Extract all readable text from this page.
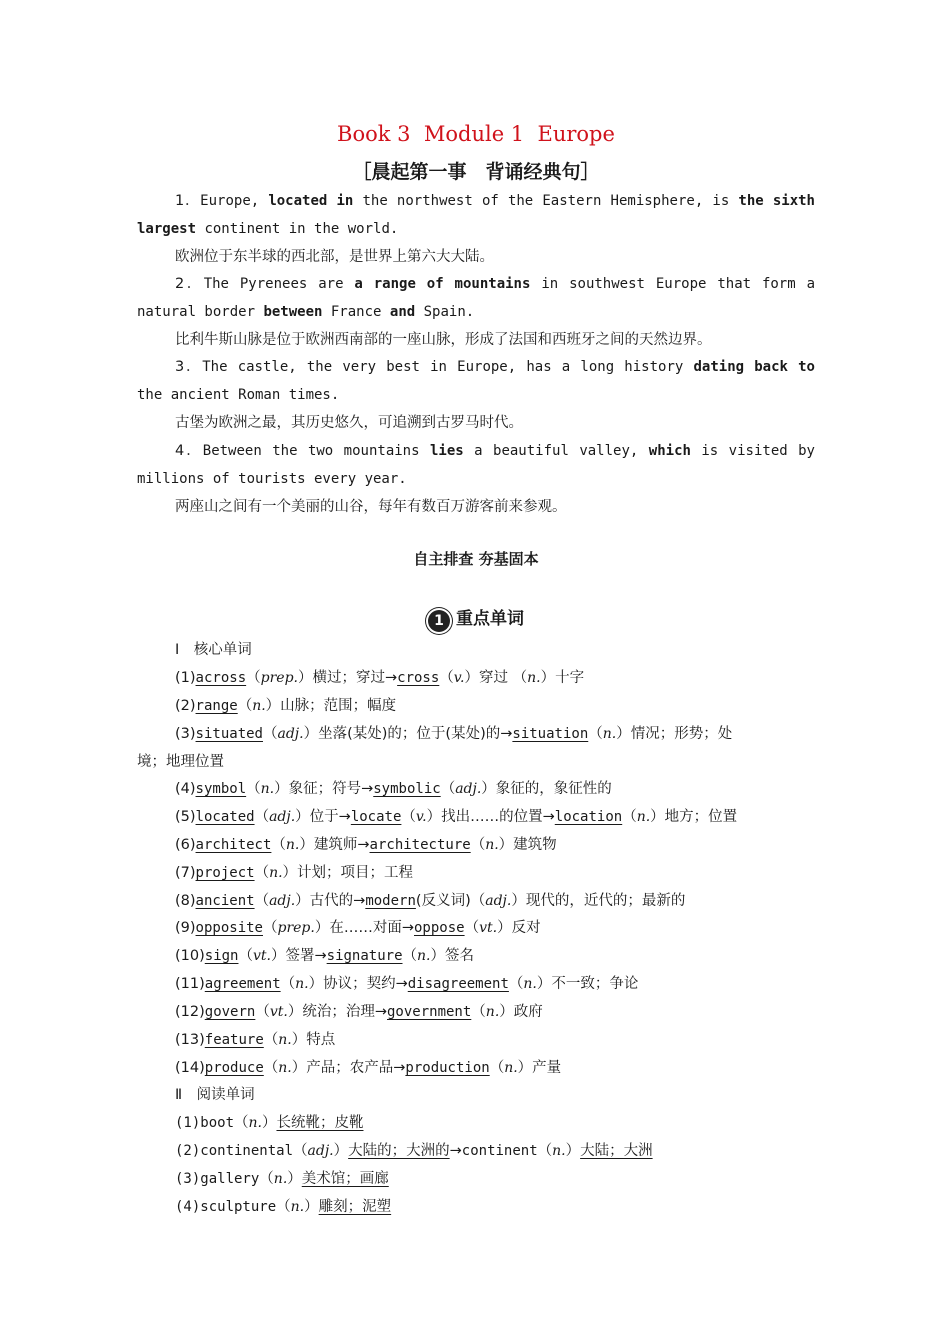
Book 3  Module 1  Europe
［晨起第一事　背诵经典句］
1．Europe, located in the northwest of the Eastern Hemisphere, is the sixth largest continent in the world.
欧洲位于东半球的西北部，是世界上第六大大陆。
2．The Pyrenees are a range of mountains in southwest Europe that form a natural border between France and Spain.
比利牛斯山脉是位于欧洲西南部的一座山脉，形成了法国和西班牙之间的天然边界。
3．The castle, the very best in Europe, has a long history dating back to the ancient Roman times.
古堡为欧洲之最，其历史悠久，可追溯到古罗马时代。
4．Between the two mountains lies a beautiful valley, which is visited by millions of tourists every year.
两座山之间有一个美丽的山谷，每年有数百万游客前来参观。
自主排查 夯基固本
1 重点单词
Ⅰ　核心单词
(1)across（prep.）横过；穿过→cross（v.）穿过 （n.）十字
(2)range（n.）山脉；范围；幅度
(3)situated（adj.）坐落(某处)的；位于(某处)的→situation（n.）情况；形势；处
(4)symbol（n.）象征；符号→symbolic（adj.）象征的，象征性的
(5)located（adj.）位于→locate（v.）找出……的位置→location（n.）地方；位置
(6)architect（n.）建筑师→architecture（n.）建筑物
(7)project（n.）计划；项目；工程
(8)ancient（adj.）古代的→modern(反义词)（adj.）现代的，近代的；最新的
(9)opposite（prep.）在……对面→oppose（vt.）反对
(10)sign（vt.）签署→signature（n.）签名
(11)agreement（n.）协议；契约→disagreement（n.）不一致；争论
(12)govern（vt.）统治；治理→government（n.）政府
(13)feature（n.）特点
(14)produce（n.）产品；农产品→production（n.）产量
境；地理位置
Ⅱ　阅读单词
(1)boot（n.）长统靴；皮靴
(2)continental（adj.）大陆的；大洲的→continent（n.）大陆；大洲
(3)gallery（n.）美术馆；画廊
(4)sculpture（n.）雕刻；泥塑
